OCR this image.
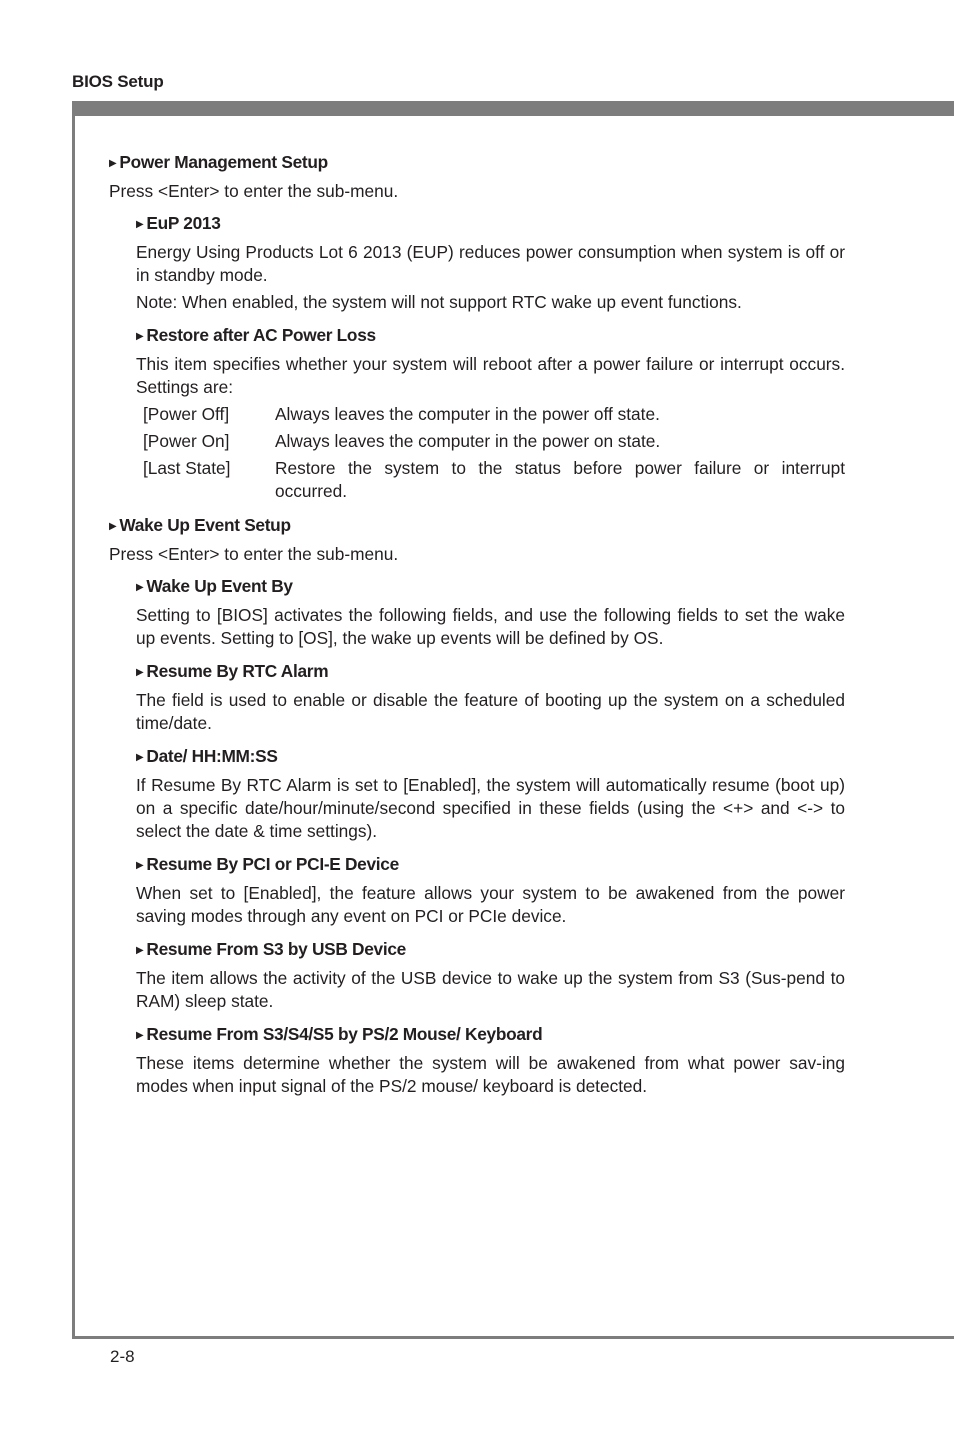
BIOS Setup
2-8
▶ Power Management Setup

Press <Enter> to enter the sub-menu.

▶ EuP 2013

Energy Using Products Lot 6 2013 (EUP) reduces power consumption when system is off or in standby mode.

Note: When enabled, the system will not support RTC wake up event functions.

▶ Restore after AC Power Loss

This item specifies whether your system will reboot after a power failure or interrupt occurs. Settings are:

[Power Off]	Always leaves the computer in the power off state.
[Power On]	Always leaves the computer in the power on state.
[Last State]	Restore the system to the status before power failure or interrupt occurred.
▶ Wake Up Event Setup

Press <Enter> to enter the sub-menu.

▶ Wake Up Event By

Setting to [BIOS] activates the following fields, and use the following fields to set the wake up events. Setting to [OS], the wake up events will be defined by OS.

▶ Resume By RTC Alarm

The field is used to enable or disable the feature of booting up the system on a scheduled time/date.

▶ Date/ HH:MM:SS

If Resume By RTC Alarm is set to [Enabled], the system will automatically resume (boot up) on a specific date/hour/minute/second specified in these fields (using the <+> and <-> to select the date & time settings).

▶ Resume By PCI or PCI-E Device

When set to [Enabled], the feature allows your system to be awakened from the power saving modes through any event on PCI or PCIe device.

▶ Resume From S3 by USB Device

The item allows the activity of the USB device to wake up the system from S3 (Sus-pend to RAM) sleep state.

▶ Resume From S3/S4/S5 by PS/2 Mouse/ Keyboard

These items determine whether the system will be awakened from what power sav-ing modes when input signal of the PS/2 mouse/ keyboard is detected.
